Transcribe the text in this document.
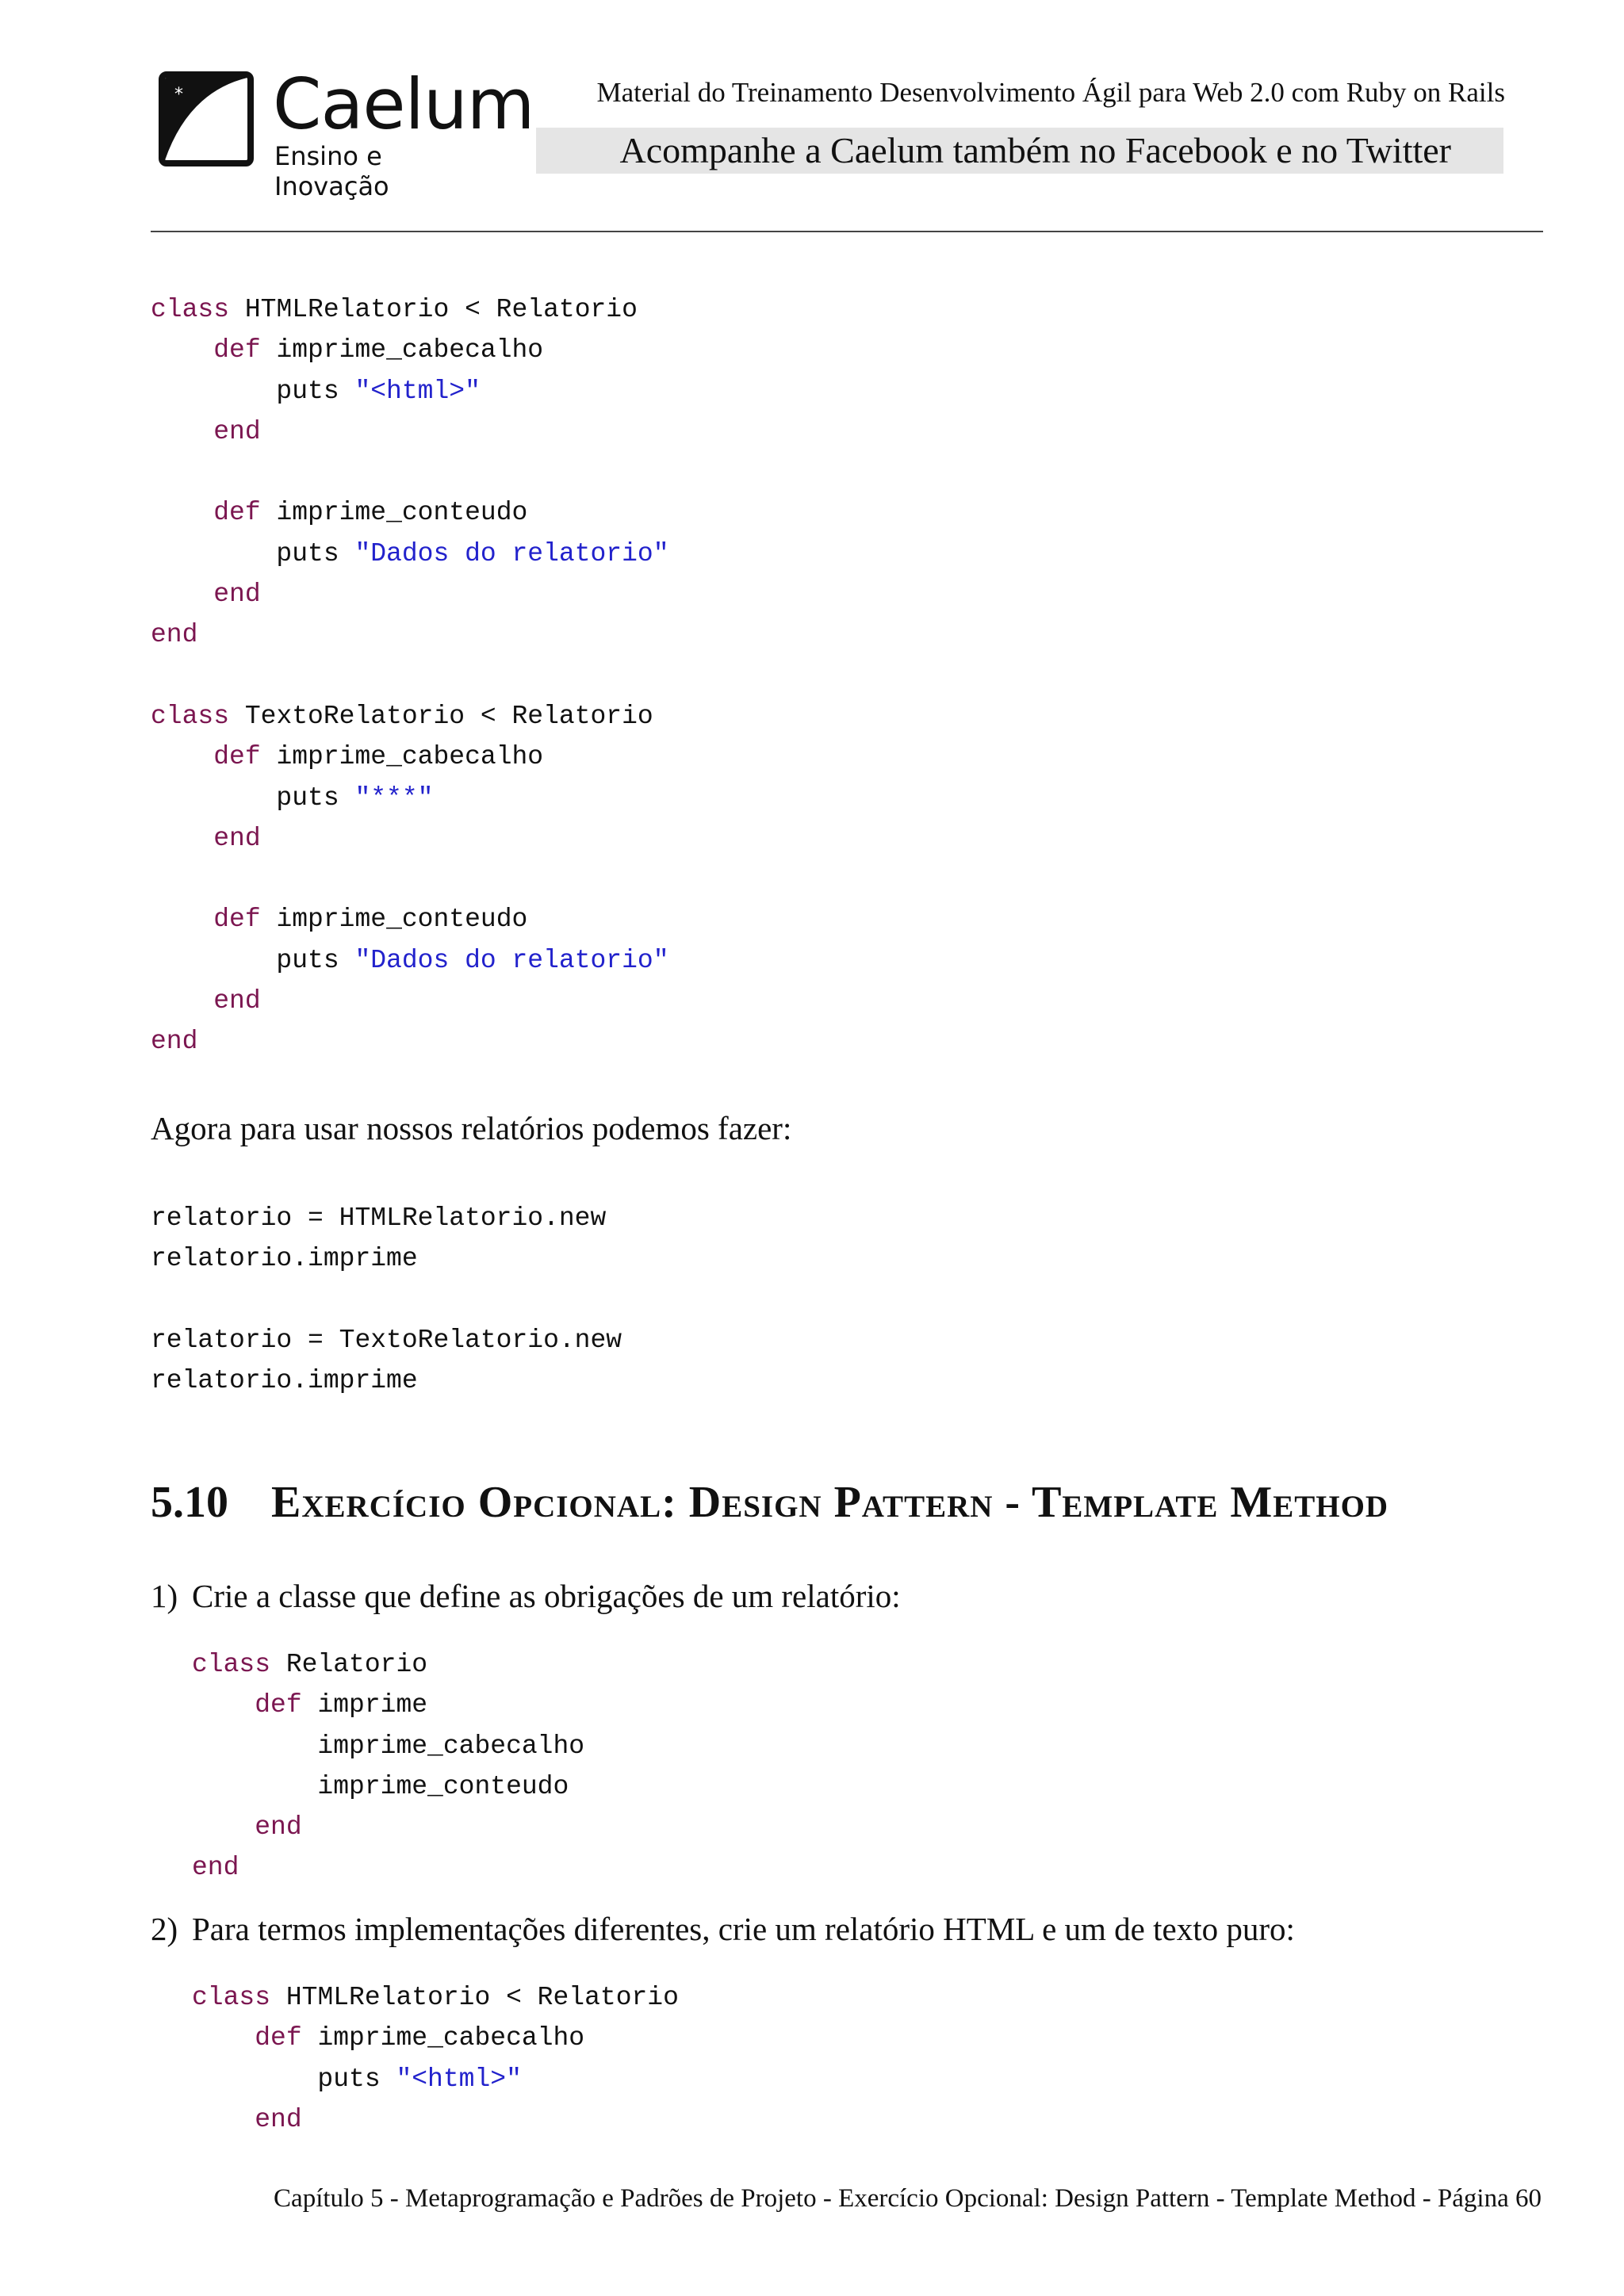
* Caelum
Ensino e Inovação
Material do Treinamento Desenvolvimento Ágil para Web 2.0 com Ruby on Rails
Acompanhe a Caelum também no Facebook e no Twitter
class HTMLRelatorio < Relatorio
def imprime_cabecalho
puts "<html>"
end

def imprime_conteudo
puts "Dados do relatorio"
end
end

class TextoRelatorio < Relatorio
def imprime_cabecalho
puts "***"
end

def imprime_conteudo
puts "Dados do relatorio"
end
end
Agora para usar nossos relatórios podemos fazer:
relatorio = HTMLRelatorio.new
relatorio.imprime

relatorio = TextoRelatorio.new
relatorio.imprime
5.10 Exercício Opcional: Design Pattern - Template Method
1) Crie a classe que define as obrigações de um relatório:
class Relatorio
def imprime
imprime_cabecalho
imprime_conteudo
end
end
2) Para termos implementações diferentes, crie um relatório HTML e um de texto puro:
class HTMLRelatorio < Relatorio
def imprime_cabecalho
puts "<html>"
end
Capítulo 5 - Metaprogramação e Padrões de Projeto - Exercício Opcional: Design Pattern - Template Method - Página 60
